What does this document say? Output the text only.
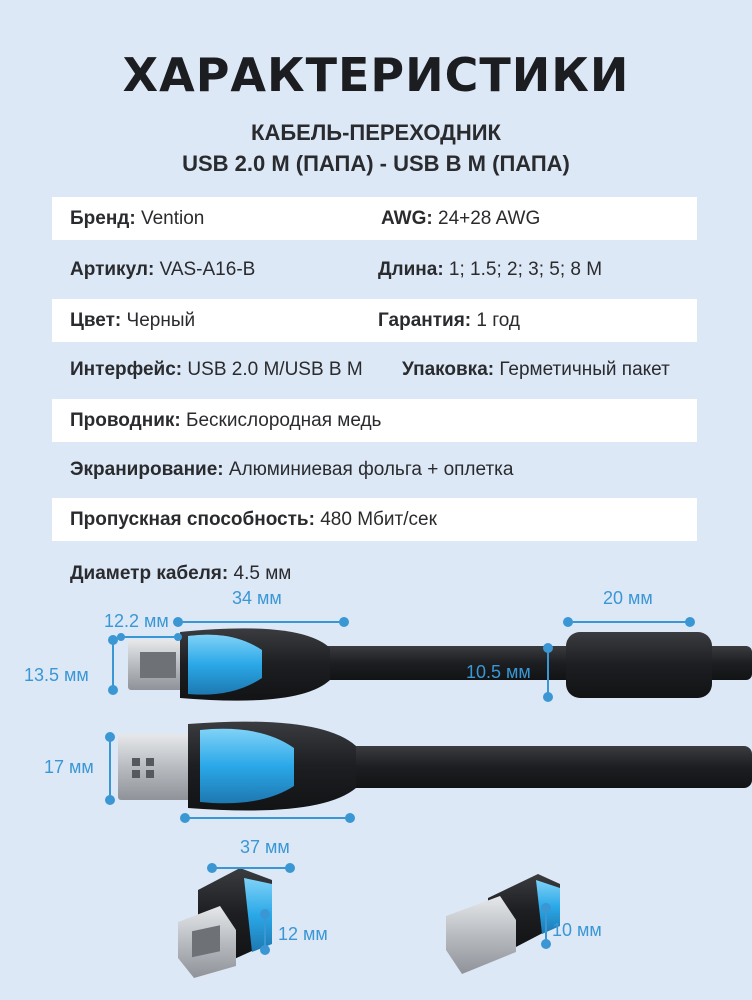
ХАРАКТЕРИСТИКИ
КАБЕЛЬ-ПЕРЕХОДНИК
USB 2.0 M (ПАПА) - USB B M (ПАПА)
Бренд: Vention	AWG: 24+28 AWG
Артикул: VAS-A16-B	Длина: 1; 1.5; 2; 3; 5; 8 М
Цвет: Черный	Гарантия: 1 год
Интерфейс: USB 2.0 M/USB B M Упаковка: Герметичный пакет
Проводник: Бескислородная медь
Экранирование: Алюминиевая фольга + оплетка
Пропускная способность: 480 Мбит/сек
Диаметр кабеля: 4.5 мм
34 мм
12.2 мм
20 мм
13.5 мм	10.5 мм
17 мм
37 мм
12 мм	10 мм
